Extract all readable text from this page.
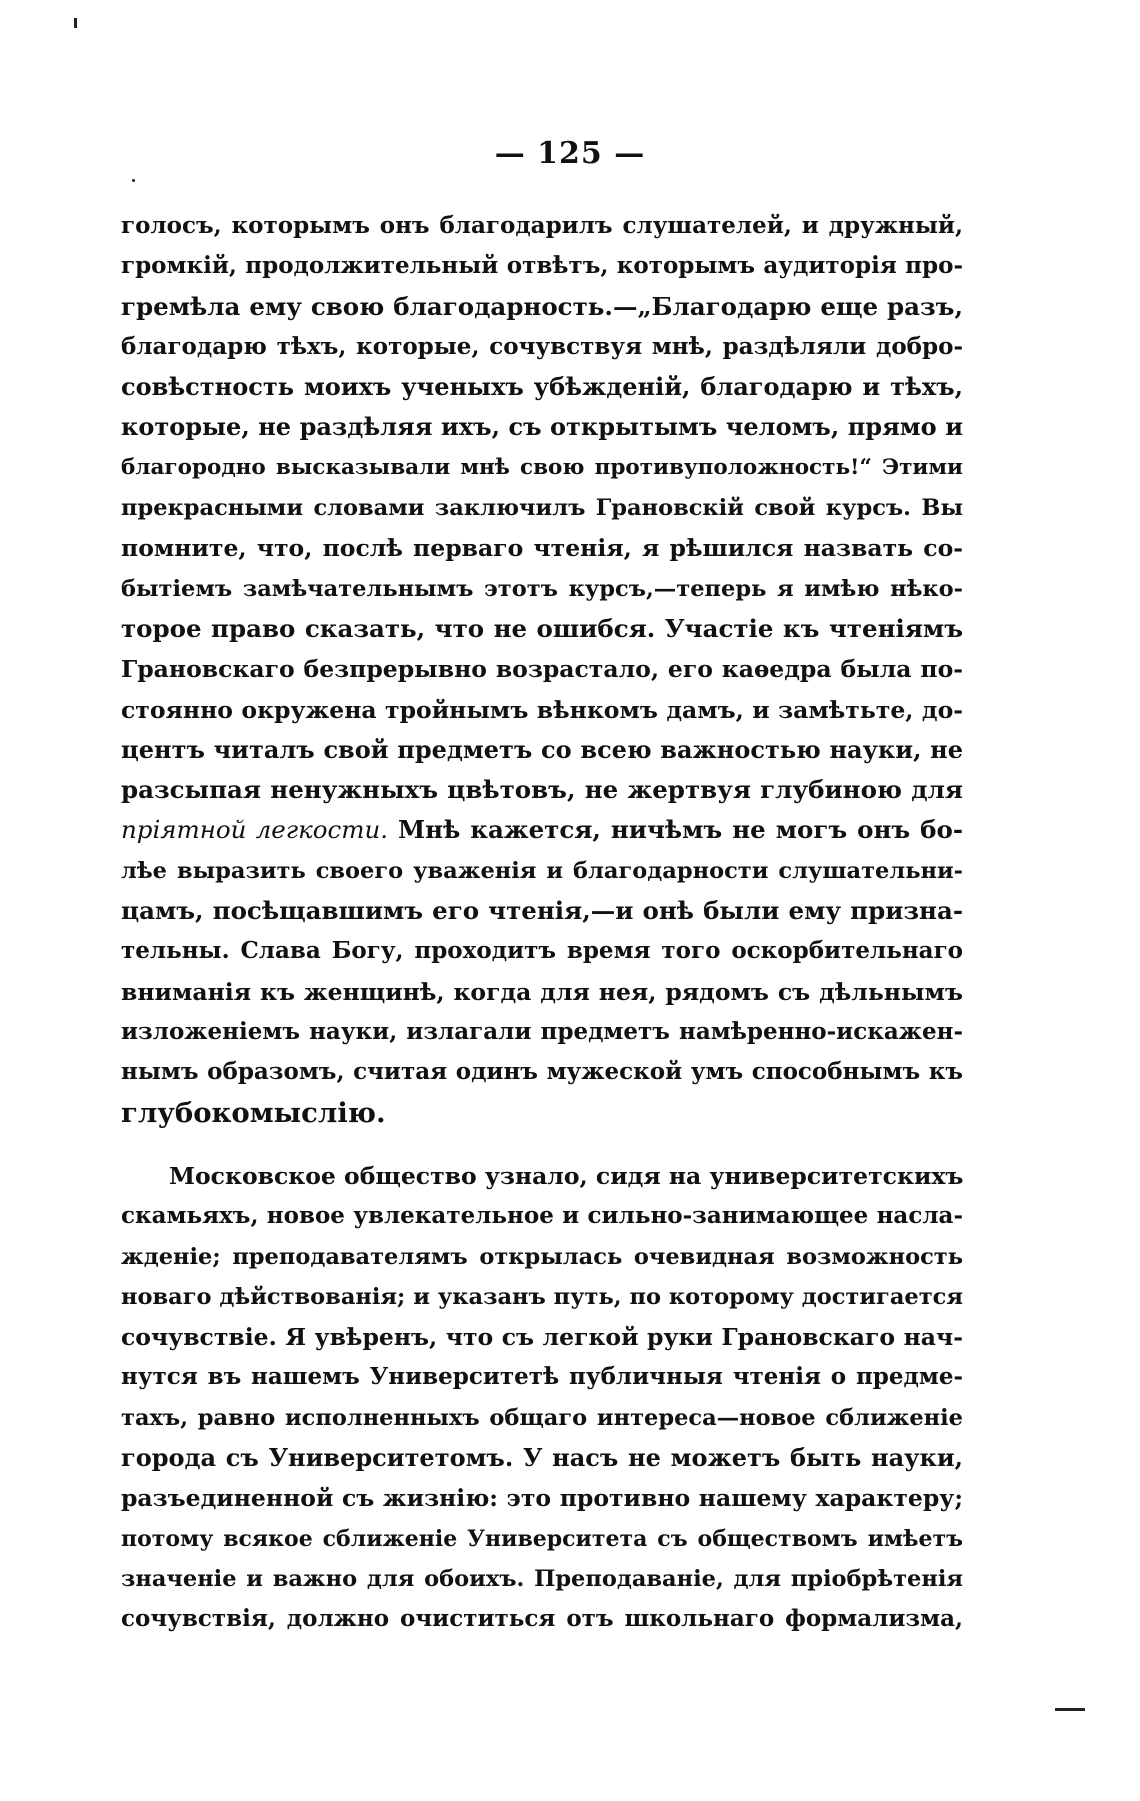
— 125 —
голосъ, которымъ онъ благодарилъ слушателей, и дружный,
громкій, продолжительный отвѣтъ, которымъ аудиторія про-
гремѣла ему свою благодарность.—„Благодарю еще разъ,
благодарю тѣхъ, которые, сочувствуя мнѣ, раздѣляли добро-
совѣстность моихъ ученыхъ убѣжденій, благодарю и тѣхъ,
которые, не раздѣляя ихъ, съ открытымъ челомъ, прямо и
благородно высказывали мнѣ свою противуположность!“ Этими
прекрасными словами заключилъ Грановскій свой курсъ. Вы
помните, что, послѣ перваго чтенія, я рѣшился назвать со-
бытіемъ замѣчательнымъ этотъ курсъ,—теперь я имѣю нѣко-
торое право сказать, что не ошибся. Участіе къ чтеніямъ
Грановскаго безпрерывно возрастало, его каѳедра была по-
стоянно окружена тройнымъ вѣнкомъ дамъ, и замѣтьте, до-
центъ читалъ свой предметъ со всею важностью науки, не
разсыпая ненужныхъ цвѣтовъ, не жертвуя глубиною для
пріятной легкости. Мнѣ кажется, ничѣмъ не могъ онъ бо-
лѣе выразить своего уваженія и благодарности слушательни-
цамъ, посѣщавшимъ его чтенія,—и онѣ были ему призна-
тельны. Слава Богу, проходитъ время того оскорбительнаго
вниманія къ женщинѣ, когда для нея, рядомъ съ дѣльнымъ
изложеніемъ науки, излагали предметъ намѣренно-искажен-
нымъ образомъ, считая одинъ мужеской умъ способнымъ къ
глубокомыслію.
Московское общество узнало, сидя на университетскихъ
скамьяхъ, новое увлекательное и сильно-занимающее насла-
жденіе; преподавателямъ открылась очевидная возможность
новаго дѣйствованія; и указанъ путь, по которому достигается
сочувствіе. Я увѣренъ, что съ легкой руки Грановскаго нач-
нутся въ нашемъ Университетѣ публичныя чтенія о предме-
тахъ, равно исполненныхъ общаго интереса—новое сближеніе
города съ Университетомъ. У насъ не можетъ быть науки,
разъединенной съ жизнію: это противно нашему характеру;
потому всякое сближеніе Университета съ обществомъ имѣетъ
значеніе и важно для обоихъ. Преподаваніе, для пріобрѣтенія
сочувствія, должно очиститься отъ школьнаго формализма,
